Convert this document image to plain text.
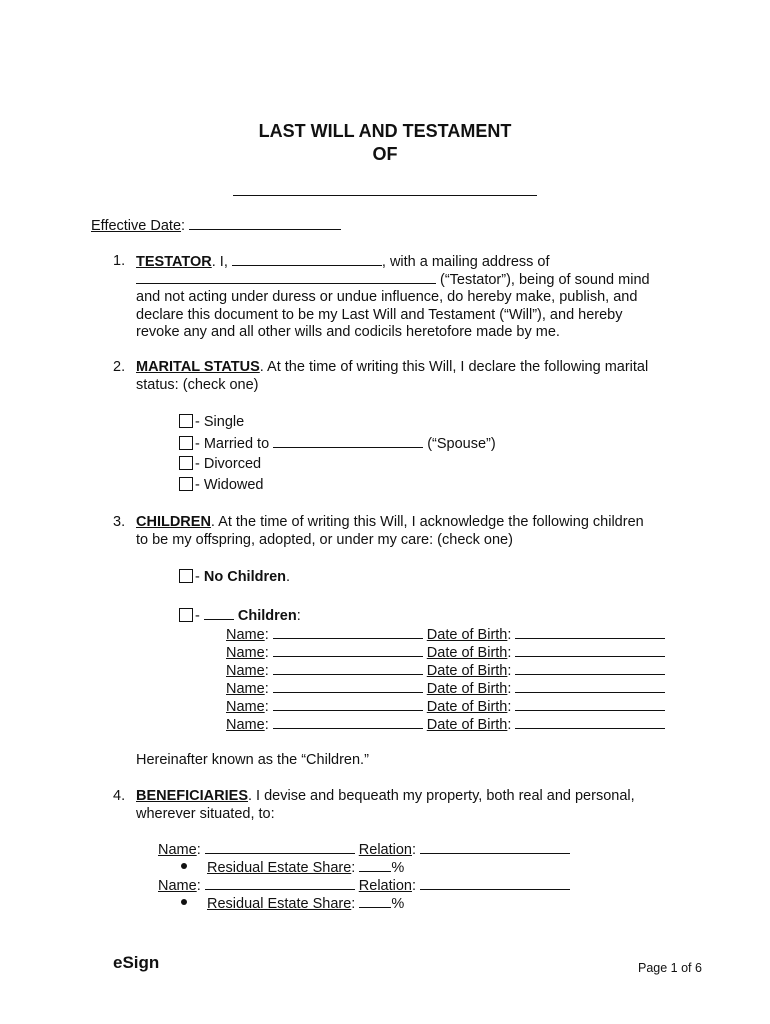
LAST WILL AND TESTAMENT
OF
Effective Date:
1. TESTATOR. I,	, with a mailing address of
(“Testator”), being of sound mind
and not acting under duress or undue influence, do hereby make, publish, and
declare this document to be my Last Will and Testament (“Will”), and hereby
revoke any and all other wills and codicils heretofore made by me.
2. MARITAL STATUS. At the time of writing this Will, I declare the following marital
status: (check one)
- Single
- Married to	(“Spouse”)
- Divorced
- Widowed
3. CHILDREN. At the time of writing this Will, I acknowledge the following children
to be my offspring, adopted, or under my care: (check one)
- No Children.
-  Children:
Name:	Date of Birth:
Name:	Date of Birth:
Name:	Date of Birth:
Name:	Date of Birth:
Name:	Date of Birth:
Name:	Date of Birth:
Hereinafter known as the “Children.”
4. BENEFICIARIES. I devise and bequeath my property, both real and personal,
wherever situated, to:
Name:	Relation:
Residual Estate Share: %
Name:	Relation:
Residual Estate Share: %
eSign	Page 1 of 6
